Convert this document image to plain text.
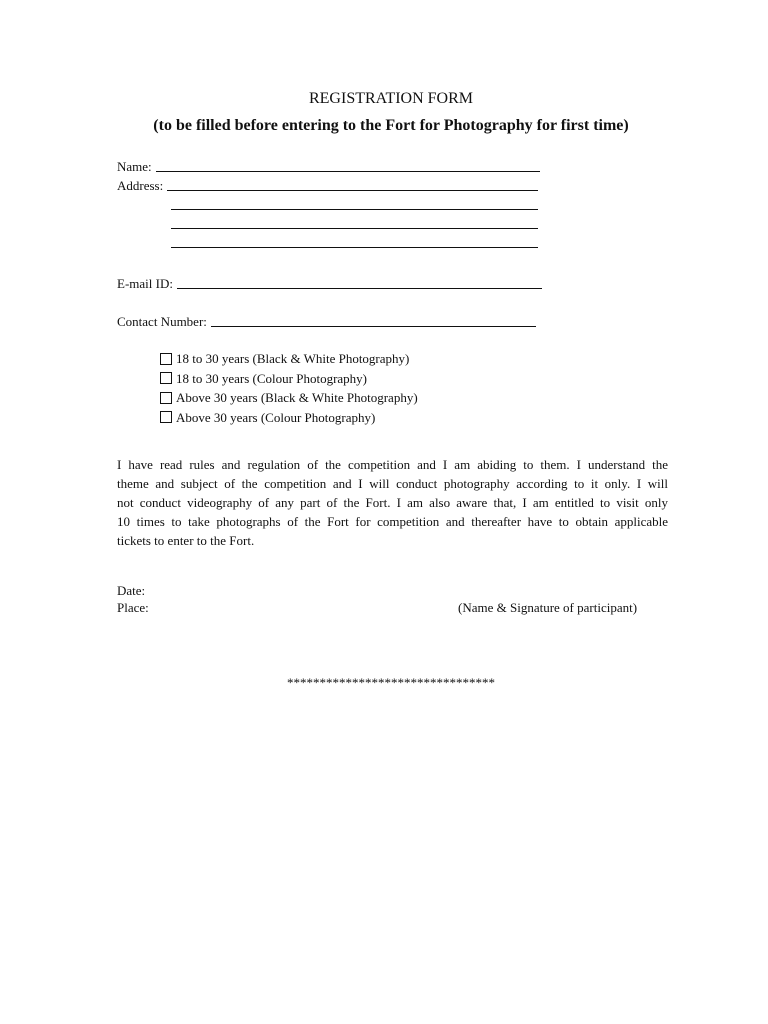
REGISTRATION FORM
(to be filled before entering to the Fort for Photography for first time)
Name:
Address:
E-mail ID:
Contact Number:
18 to 30 years (Black & White Photography)
18 to 30 years (Colour Photography)
Above 30 years (Black & White Photography)
Above 30 years (Colour Photography)
I have read rules and regulation of the competition and I am abiding to them. I understand the
theme and subject of the competition and I will conduct photography according to it only. I will
not conduct videography of any part of the Fort. I am also aware that, I am entitled to visit only
10 times to take photographs of the Fort for competition and thereafter have to obtain applicable
tickets to enter to the Fort.
Date:
Place:	(Name & Signature of participant)
********************************
